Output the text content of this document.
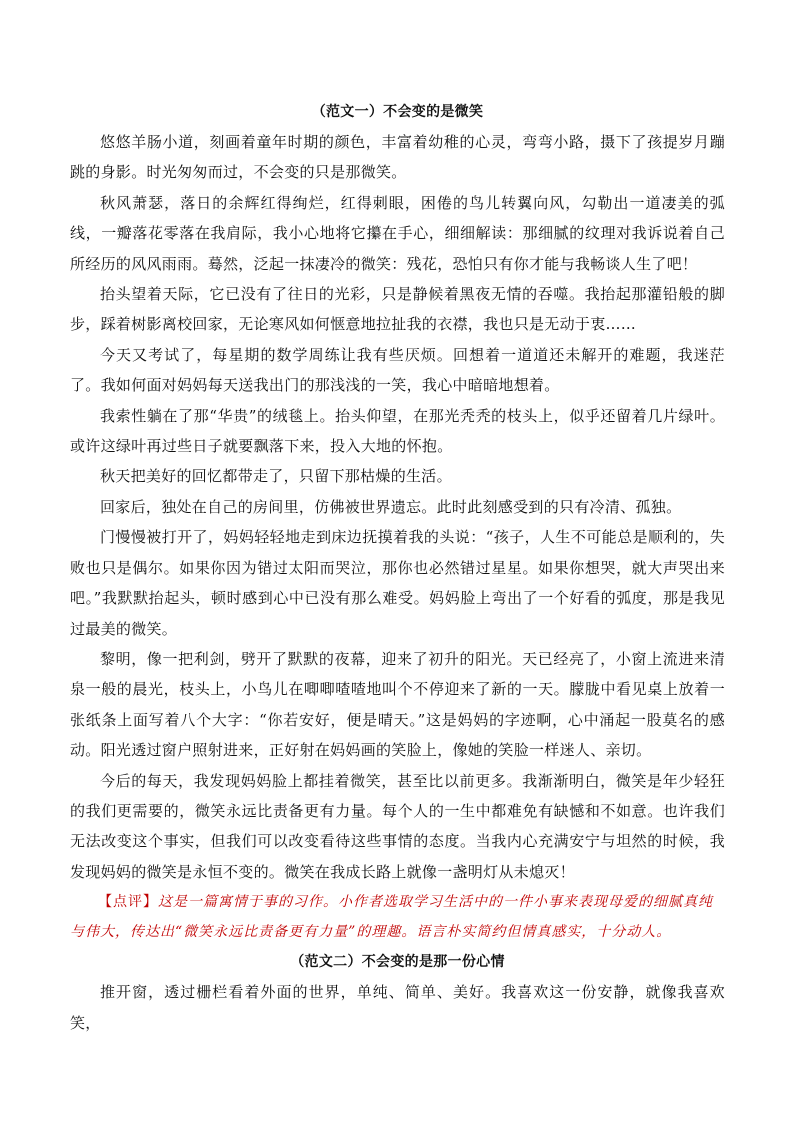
（范文一）不会变的是微笑

悠悠羊肠小道，刻画着童年时期的颜色，丰富着幼稚的心灵，弯弯小路，摄下了孩提岁月蹦跳的身影。时光匆匆而过，不会变的只是那微笑。

秋风萧瑟，落日的余辉红得绚烂，红得刺眼，困倦的鸟儿转翼向风，勾勒出一道凄美的弧线，一瓣落花零落在我肩际，我小心地将它攥在手心，细细解读：那细腻的纹理对我诉说着自己所经历的风风雨雨。蓦然，泛起一抹凄冷的微笑：残花，恐怕只有你才能与我畅谈人生了吧！

抬头望着天际，它已没有了往日的光彩，只是静候着黑夜无情的吞噬。我抬起那灌铅般的脚步，踩着树影离校回家，无论寒风如何惬意地拉扯我的衣襟，我也只是无动于衷……

今天又考试了，每星期的数学周练让我有些厌烦。回想着一道道还未解开的难题，我迷茫了。我如何面对妈妈每天送我出门的那浅浅的一笑，我心中暗暗地想着。

我索性躺在了那“华贵”的绒毯上。抬头仰望，在那光秃秃的枝头上，似乎还留着几片绿叶。或许这绿叶再过些日子就要飘落下来，投入大地的怀抱。

秋天把美好的回忆都带走了，只留下那枯燥的生活。

回家后，独处在自己的房间里，仿佛被世界遗忘。此时此刻感受到的只有冷清、孤独。

门慢慢被打开了，妈妈轻轻地走到床边抚摸着我的头说：“孩子，人生不可能总是顺利的，失败也只是偶尔。如果你因为错过太阳而哭泣，那你也必然错过星星。如果你想哭，就大声哭出来吧。”我默默抬起头，顿时感到心中已没有那么难受。妈妈脸上弯出了一个好看的弧度，那是我见过最美的微笑。

黎明，像一把利剑，劈开了默默的夜幕，迎来了初升的阳光。天已经亮了，小窗上流进来清泉一般的晨光，枝头上，小鸟儿在唧唧喳喳地叫个不停迎来了新的一天。朦胧中看见桌上放着一张纸条上面写着八个大字：“你若安好，便是晴天。”这是妈妈的字迹啊，心中涌起一股莫名的感动。阳光透过窗户照射进来，正好射在妈妈画的笑脸上，像她的笑脸一样迷人、亲切。

今后的每天，我发现妈妈脸上都挂着微笑，甚至比以前更多。我渐渐明白，微笑是年少轻狂的我们更需要的，微笑永远比责备更有力量。每个人的一生中都难免有缺憾和不如意。也许我们无法改变这个事实，但我们可以改变看待这些事情的态度。当我内心充满安宁与坦然的时候，我发现妈妈的微笑是永恒不变的。微笑在我成长路上就像一盏明灯从未熄灭！

【点评】这是一篇寓情于事的习作。小作者选取学习生活中的一件小事来表现母爱的细腻真纯与伟大，传达出“微笑永远比责备更有力量”的理趣。语言朴实简约但情真感实，十分动人。

（范文二）不会变的是那一份心情

推开窗，透过栅栏看着外面的世界，单纯、简单、美好。我喜欢这一份安静，就像我喜欢笑，
